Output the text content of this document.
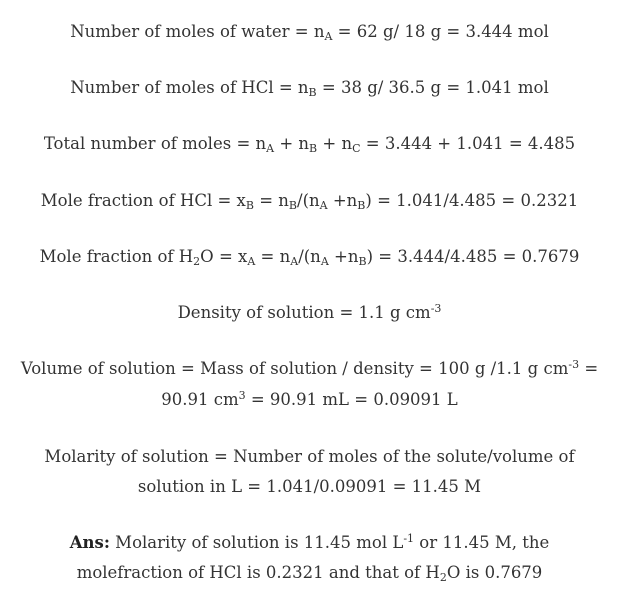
Number of moles of water = $n_A = 62$ g/ 18 g = 3.444 mol
Number of moles of HCl = $n_B = 38$ g/ 36.5 g = 1.041 mol
Total number of moles = $n_A + n_B + n_C = 3.444 + 1.041 = 4.485$
Mole fraction of HCl = $x_B = n_B/(n_A +n_B) = 1.041/4.485 = 0.2321$
Mole fraction of $H_2O = x_A = n_A/(n_A +n_B) = 3.444/4.485 = 0.7679$
Density of solution = 1.1 g $cm^{-3}$
Volume of solution = Mass of solution / density = 100 g /1.1 g $cm^{-3}$ =
90.91 $cm^3 = 90.91$ mL = 0.09091 L
Molarity of solution = Number of moles of the solute/volume of
solution in L = 1.041/0.09091 = 11.45 M
Ans: Molarity of solution is 11.45 mol $L^{-1}$ or 11.45 M, the
molefraction of HCl is 0.2321 and that of $H_2O$ is 0.7679
